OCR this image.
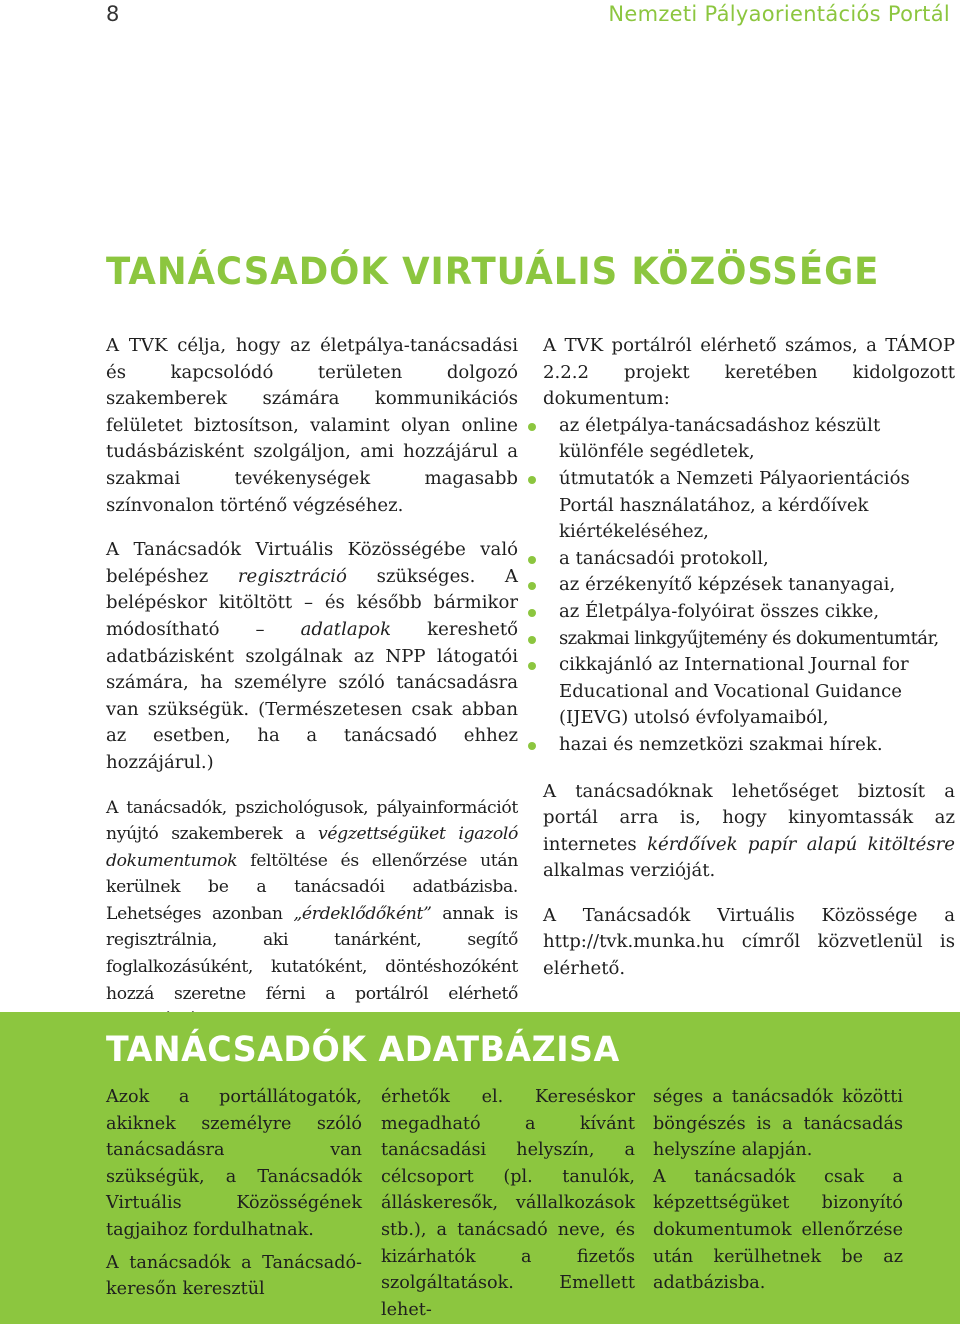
8	Nemzeti Pályaorientációs Portál
TANÁCSADÓK VIRTUÁLIS KÖZÖSSÉGE

A TVK célja, hogy az életpálya-tanácsadási és kapcsolódó területen dolgozó szakemberek számára kommunikációs felületet biztosítson, valamint olyan online tudásbázisként szolgáljon, ami hozzájárul a szakmai tevékenységek magasabb színvonalon történő végzéséhez.

A Tanácsadók Virtuális Közösségébe való belépéshez regisztráció szükséges. A belépéskor kitöltött – és később bármikor módosítható – adatlapok kereshető adatbázisként szolgálnak az NPP látogatói számára, ha személyre szóló tanácsadásra van szükségük. (Természetesen csak abban az esetben, ha a tanácsadó ehhez hozzájárul.)

A tanácsadók, pszichológusok, pályainformációt nyújtó szakemberek a végzettségüket igazoló dokumentumok feltöltése és ellenőrzése után kerülnek be a tanácsadói adatbázisba. Lehetséges azonban „érdeklődőként” annak is regisztrálnia, aki tanárként, segítő foglalkozásúként, kutatóként, döntéshozóként hozzá szeretne férni a portálról elérhető

A TVK portálról elérhető számos, a TÁMOP 2.2.2 projekt keretében kidolgozott dokumentum:
az életpálya-tanácsadáshoz készült különféle segédletek,
útmutatók a Nemzeti Pályaorientációs Portál használatához, a kérdőívek kiértékeléséhez,
a tanácsadói protokoll,
az érzékenyítő képzések tananyagai,
az Életpálya-folyóirat összes cikke,
szakmai linkgyűjtemény és dokumentumtár,
cikkajánló az International Journal for Educational and Vocational Guidance (IJEVG) utolsó évfolyamaiból,
hazai és nemzetközi szakmai hírek.

A tanácsadóknak lehetőséget biztosít a portál arra is, hogy kinyomtassák az internetes kérdőívek papír alapú kitöltésre alkalmas verzióját.

A Tanácsadók Virtuális Közössége a http://tvk.munka.hu címről közvetlenül is elérhető.

TANÁCSADÓK ADATBÁZISA

Azok a portállátogatók, akiknek személyre szóló tanácsadásra van szükségük, a Tanácsadók Virtuális Közösségének tagjaihoz fordulhatnak.

A tanácsadók a Tanácsadó-keresőn keresztül

érhetők el. Kereséskor megadható a kívánt tanácsadási helyszín, a célcsoport (pl. tanulók, álláskeresők, vállalkozások stb.), a tanácsadó neve, és kizárhatók a fizetős szolgáltatások. Emellett lehet-

séges a tanácsadók közötti böngészés is a tanácsadás helyszíne alapján.

A tanácsadók csak a képzettségüket bizonyító dokumentumok ellenőrzése után kerülhetnek be az adatbázisba.
